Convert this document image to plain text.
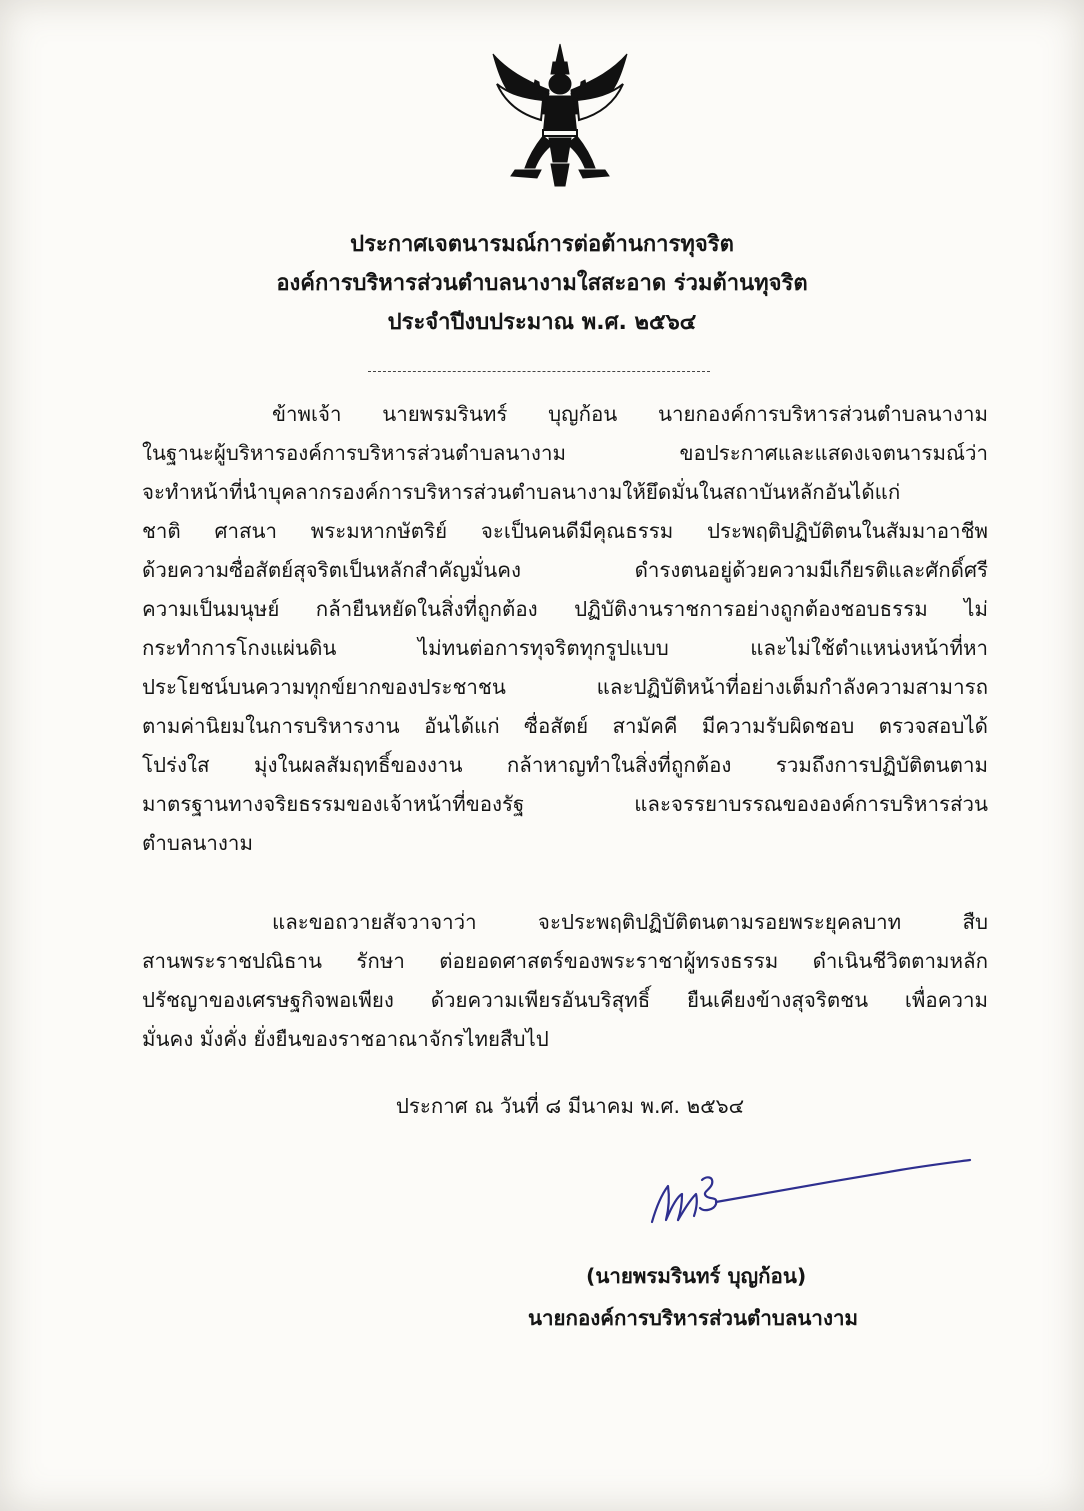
ประกาศเจตนารมณ์การต่อต้านการทุจริต
องค์การบริหารส่วนตำบลนางามใสสะอาด ร่วมต้านทุจริต
ประจำปีงบประมาณ พ.ศ. ๒๕๖๔
ข้าพเจ้า นายพรมรินทร์ บุญก้อน นายกองค์การบริหารส่วนตำบลนางาม
ในฐานะผู้บริหารองค์การบริหารส่วนตำบลนางาม ขอประกาศและแสดงเจตนารมณ์ว่า
จะทำหน้าที่นำบุคลากรองค์การบริหารส่วนตำบลนางามให้ยึดมั่นในสถาบันหลักอันได้แก่
ชาติ ศาสนา พระมหากษัตริย์ จะเป็นคนดีมีคุณธรรม ประพฤติปฏิบัติตนในสัมมาอาชีพ
ด้วยความซื่อสัตย์สุจริตเป็นหลักสำคัญมั่นคง ดำรงตนอยู่ด้วยความมีเกียรติและศักดิ์ศรี
ความเป็นมนุษย์ กล้ายืนหยัดในสิ่งที่ถูกต้อง ปฏิบัติงานราชการอย่างถูกต้องชอบธรรม ไม่
กระทำการโกงแผ่นดิน ไม่ทนต่อการทุจริตทุกรูปแบบ และไม่ใช้ตำแหน่งหน้าที่หา
ประโยชน์บนความทุกข์ยากของประชาชน และปฏิบัติหน้าที่อย่างเต็มกำลังความสามารถ
ตามค่านิยมในการบริหารงาน อันได้แก่ ซื่อสัตย์ สามัคคี มีความรับผิดชอบ ตรวจสอบได้
โปร่งใส มุ่งในผลสัมฤทธิ์ของงาน กล้าหาญทำในสิ่งที่ถูกต้อง รวมถึงการปฏิบัติตนตาม
มาตรฐานทางจริยธรรมของเจ้าหน้าที่ของรัฐ และจรรยาบรรณขององค์การบริหารส่วน
ตำบลนางาม
และขอถวายสัจวาจาว่า จะประพฤติปฏิบัติตนตามรอยพระยุคลบาท สืบ
สานพระราชปณิธาน รักษา ต่อยอดศาสตร์ของพระราชาผู้ทรงธรรม ดำเนินชีวิตตามหลัก
ปรัชญาของเศรษฐกิจพอเพียง ด้วยความเพียรอันบริสุทธิ์ ยืนเคียงข้างสุจริตชน เพื่อความ
มั่นคง มั่งคั่ง ยั่งยืนของราชอาณาจักรไทยสืบไป
ประกาศ ณ วันที่ ๘ มีนาคม พ.ศ. ๒๕๖๔
(นายพรมรินทร์ บุญก้อน)
นายกองค์การบริหารส่วนตำบลนางาม
